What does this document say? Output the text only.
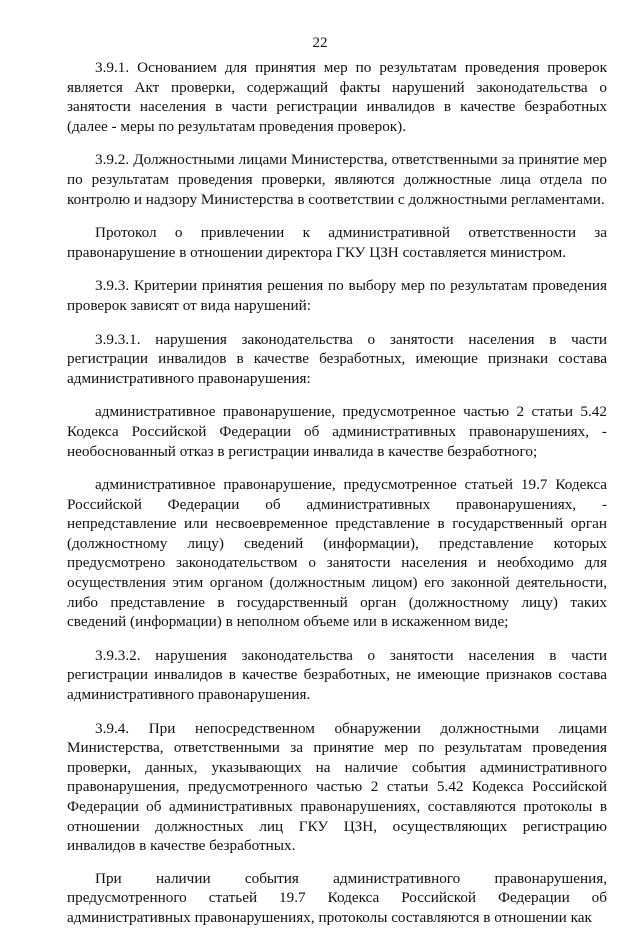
22

3.9.1. Основанием для принятия мер по результатам проведения проверок является Акт проверки, содержащий факты нарушений законодательства о занятости населения в части регистрации инвалидов в качестве безработных (далее - меры по результатам проведения проверок).

3.9.2. Должностными лицами Министерства, ответственными за принятие мер по результатам проведения проверки, являются должностные лица отдела по контролю и надзору Министерства в соответствии с должностными регламентами.

Протокол о привлечении к административной ответственности за правонарушение в отношении директора ГКУ ЦЗН составляется министром.

3.9.3. Критерии принятия решения по выбору мер по результатам проведения проверок зависят от вида нарушений:

3.9.3.1. нарушения законодательства о занятости населения в части регистрации инвалидов в качестве безработных, имеющие признаки состава административного правонарушения:

административное правонарушение, предусмотренное частью 2 статьи 5.42 Кодекса Российской Федерации об административных правонарушениях, - необоснованный отказ в регистрации инвалида в качестве безработного;

административное правонарушение, предусмотренное статьей 19.7 Кодекса Российской Федерации об административных правонарушениях, - непредставление или несвоевременное представление в государственный орган (должностному лицу) сведений (информации), представление которых предусмотрено законодательством о занятости населения и необходимо для осуществления этим органом (должностным лицом) его законной деятельности, либо представление в государственный орган (должностному лицу) таких сведений (информации) в неполном объеме или в искаженном виде;

3.9.3.2. нарушения законодательства о занятости населения в части регистрации инвалидов в качестве безработных, не имеющие признаков состава административного правонарушения.

3.9.4. При непосредственном обнаружении должностными лицами Министерства, ответственными за принятие мер по результатам проведения проверки, данных, указывающих на наличие события административного правонарушения, предусмотренного частью 2 статьи 5.42 Кодекса Российской Федерации об административных правонарушениях, составляются протоколы в отношении должностных лиц ГКУ ЦЗН, осуществляющих регистрацию инвалидов в качестве безработных.

При наличии события административного правонарушения, предусмотренного статьей 19.7 Кодекса Российской Федерации об административных правонарушениях, протоколы составляются в отношении как
